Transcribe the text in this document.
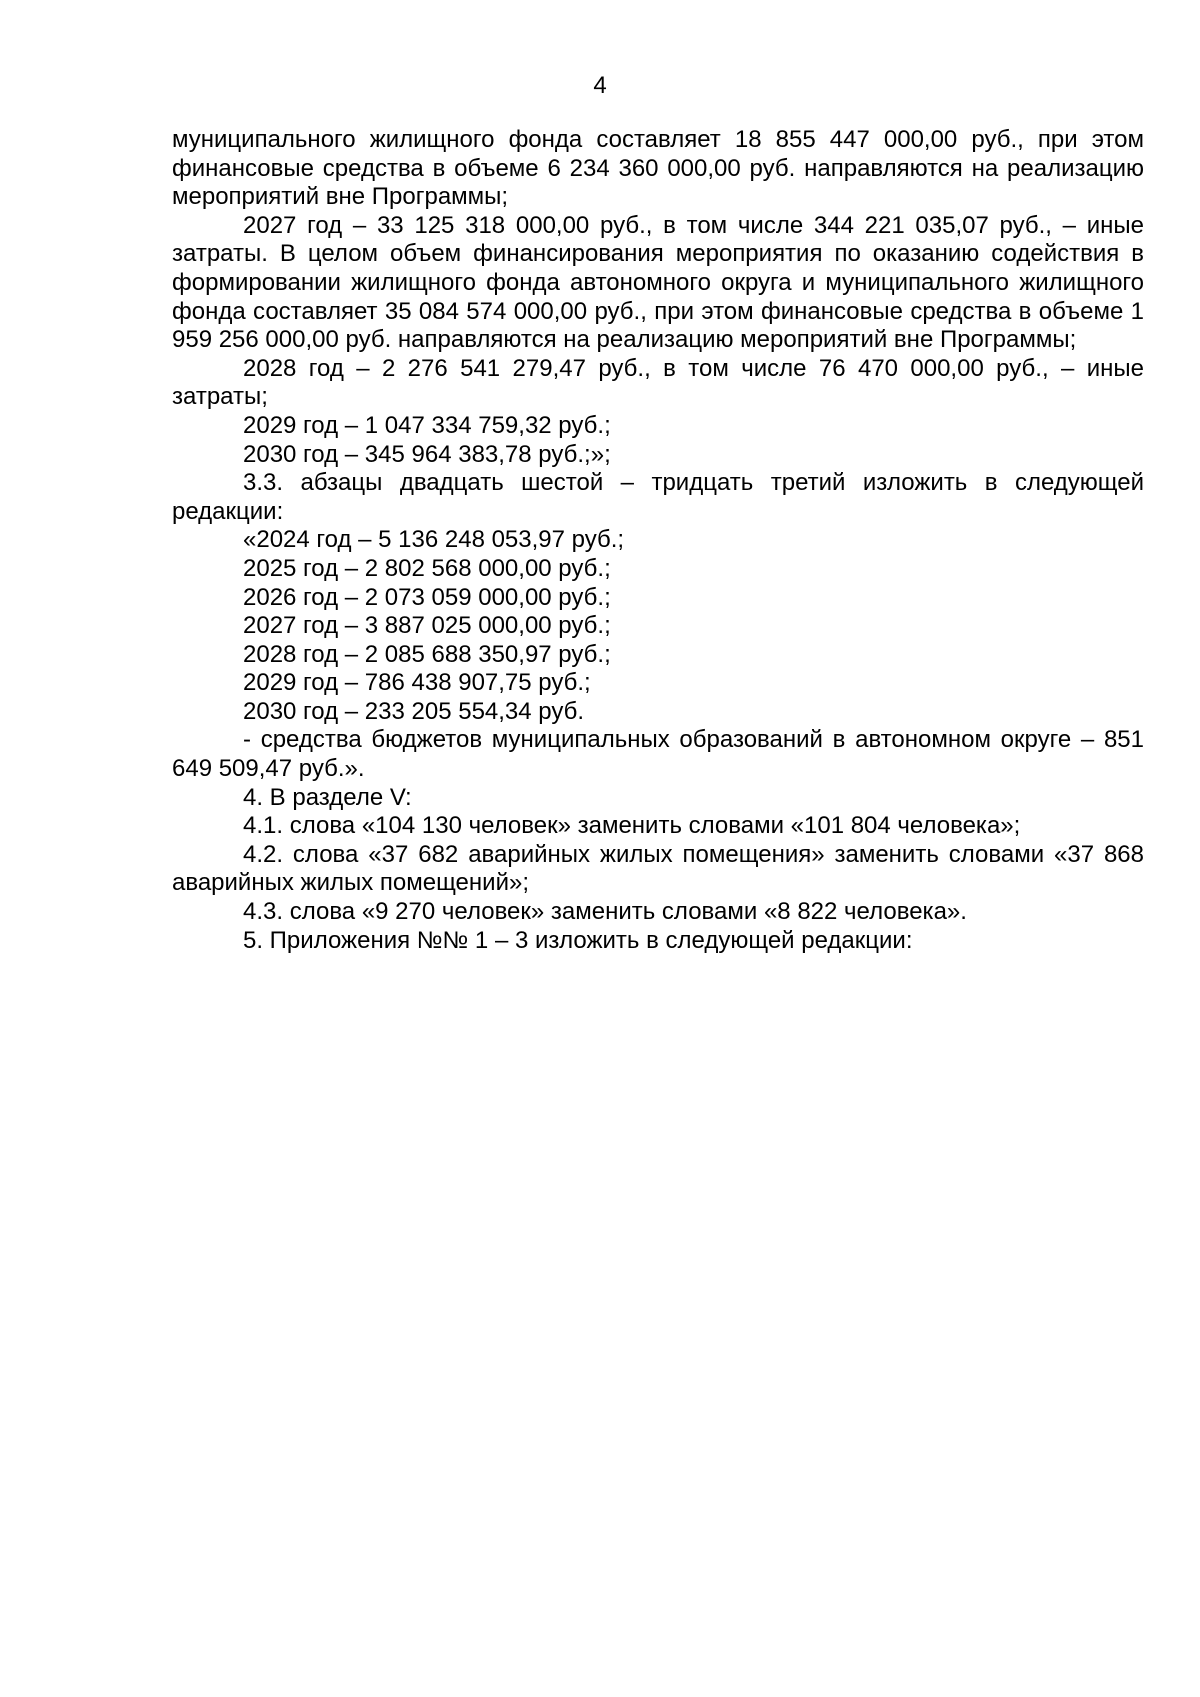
4

муниципального жилищного фонда составляет 18 855 447 000,00 руб., при этом финансовые средства в объеме 6 234 360 000,00 руб. направляются на реализацию мероприятий вне Программы;

2027 год – 33 125 318 000,00 руб., в том числе 344 221 035,07 руб., – иные затраты. В целом объем финансирования мероприятия по оказанию содействия в формировании жилищного фонда автономного округа и муниципального жилищного фонда составляет 35 084 574 000,00 руб., при этом финансовые средства в объеме 1 959 256 000,00 руб. направляются на реализацию мероприятий вне Программы;

2028 год – 2 276 541 279,47 руб., в том числе 76 470 000,00 руб., – иные затраты;

2029 год – 1 047 334 759,32 руб.;

2030 год – 345 964 383,78 руб.;»;

3.3. абзацы двадцать шестой – тридцать третий изложить в следующей редакции:

«2024 год – 5 136 248 053,97 руб.;

2025 год – 2 802 568 000,00 руб.;

2026 год – 2 073 059 000,00 руб.;

2027 год – 3 887 025 000,00 руб.;

2028 год – 2 085 688 350,97 руб.;

2029 год – 786 438 907,75 руб.;

2030 год – 233 205 554,34 руб.

- средства бюджетов муниципальных образований в автономном округе – 851 649 509,47 руб.».

4. В разделе V:

4.1. слова «104 130 человек» заменить словами «101 804 человека»;

4.2. слова «37 682 аварийных жилых помещения» заменить словами «37 868 аварийных жилых помещений»;

4.3. слова «9 270 человек» заменить словами «8 822 человека».

5. Приложения №№ 1 – 3 изложить в следующей редакции:
